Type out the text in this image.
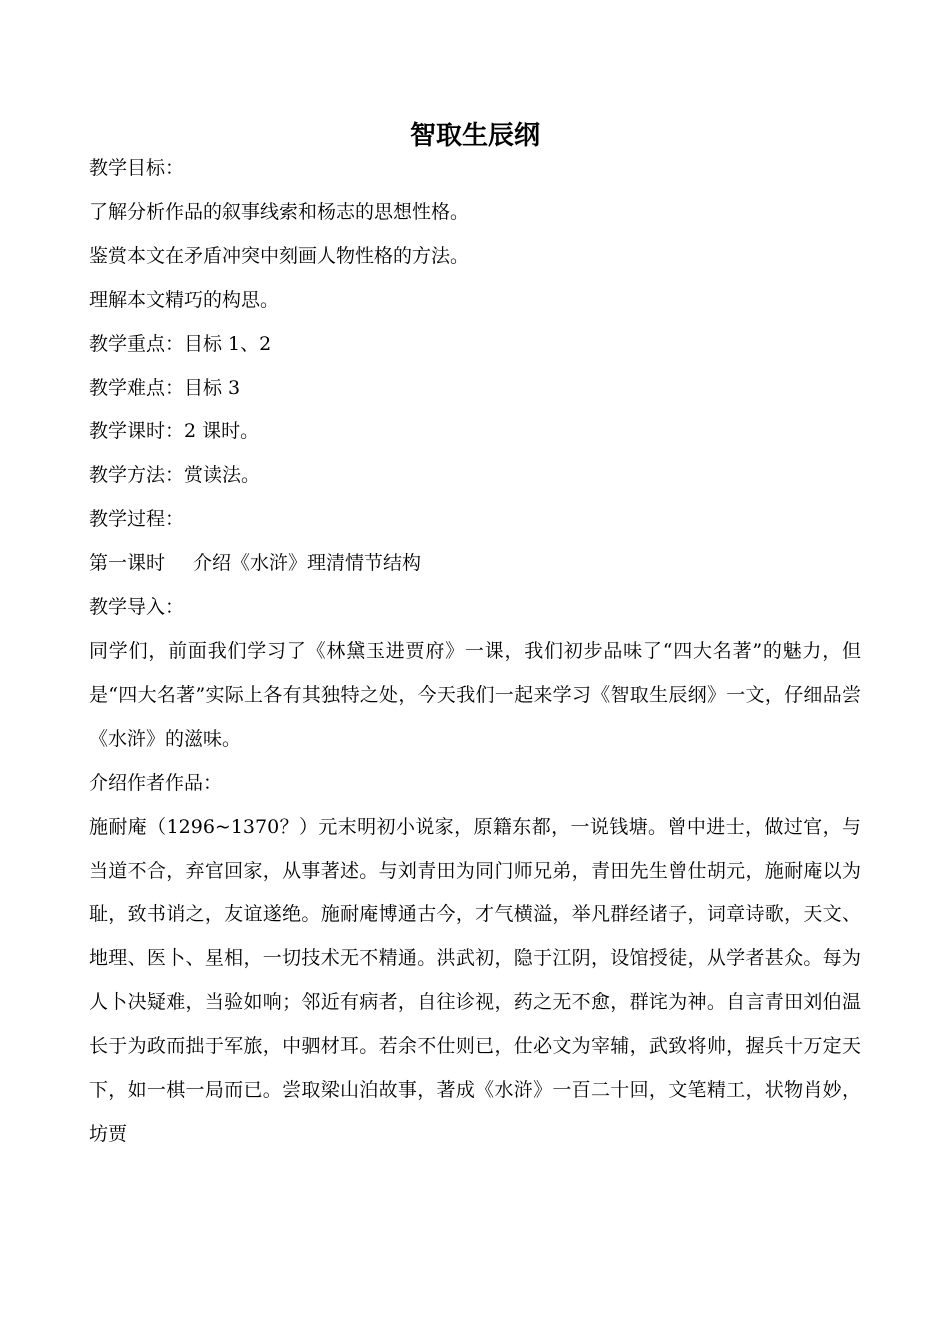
智取生辰纲

教学目标：

了解分析作品的叙事线索和杨志的思想性格。

鉴赏本文在矛盾冲突中刻画人物性格的方法。

理解本文精巧的构思。

教学重点：目标 1、2

教学难点：目标 3

教学课时：2 课时。

教学方法：赏读法。

教学过程：

第一课时 介绍《水浒》理清情节结构

教学导入：

同学们，前面我们学习了《林黛玉进贾府》一课，我们初步品味了“四大名著”的魅力，但是“四大名著”实际上各有其独特之处，今天我们一起来学习《智取生辰纲》一文，仔细品尝《水浒》的滋味。

介绍作者作品：

施耐庵（1296~1370？）元末明初小说家，原籍东都，一说钱塘。曾中进士，做过官，与当道不合，弃官回家，从事著述。与刘青田为同门师兄弟，青田先生曾仕胡元，施耐庵以为耻，致书诮之，友谊遂绝。施耐庵博通古今，才气横溢，举凡群经诸子，词章诗歌，天文、地理、医卜、星相，一切技术无不精通。洪武初，隐于江阴，设馆授徒，从学者甚众。每为人卜决疑难，当验如响；邻近有病者，自往诊视，药之无不愈，群诧为神。自言青田刘伯温长于为政而拙于军旅，中驷材耳。若余不仕则已，仕必文为宰辅，武致将帅，握兵十万定天下，如一棋一局而已。尝取梁山泊故事，著成《水浒》一百二十回，文笔精工，状物肖妙，坊贾
